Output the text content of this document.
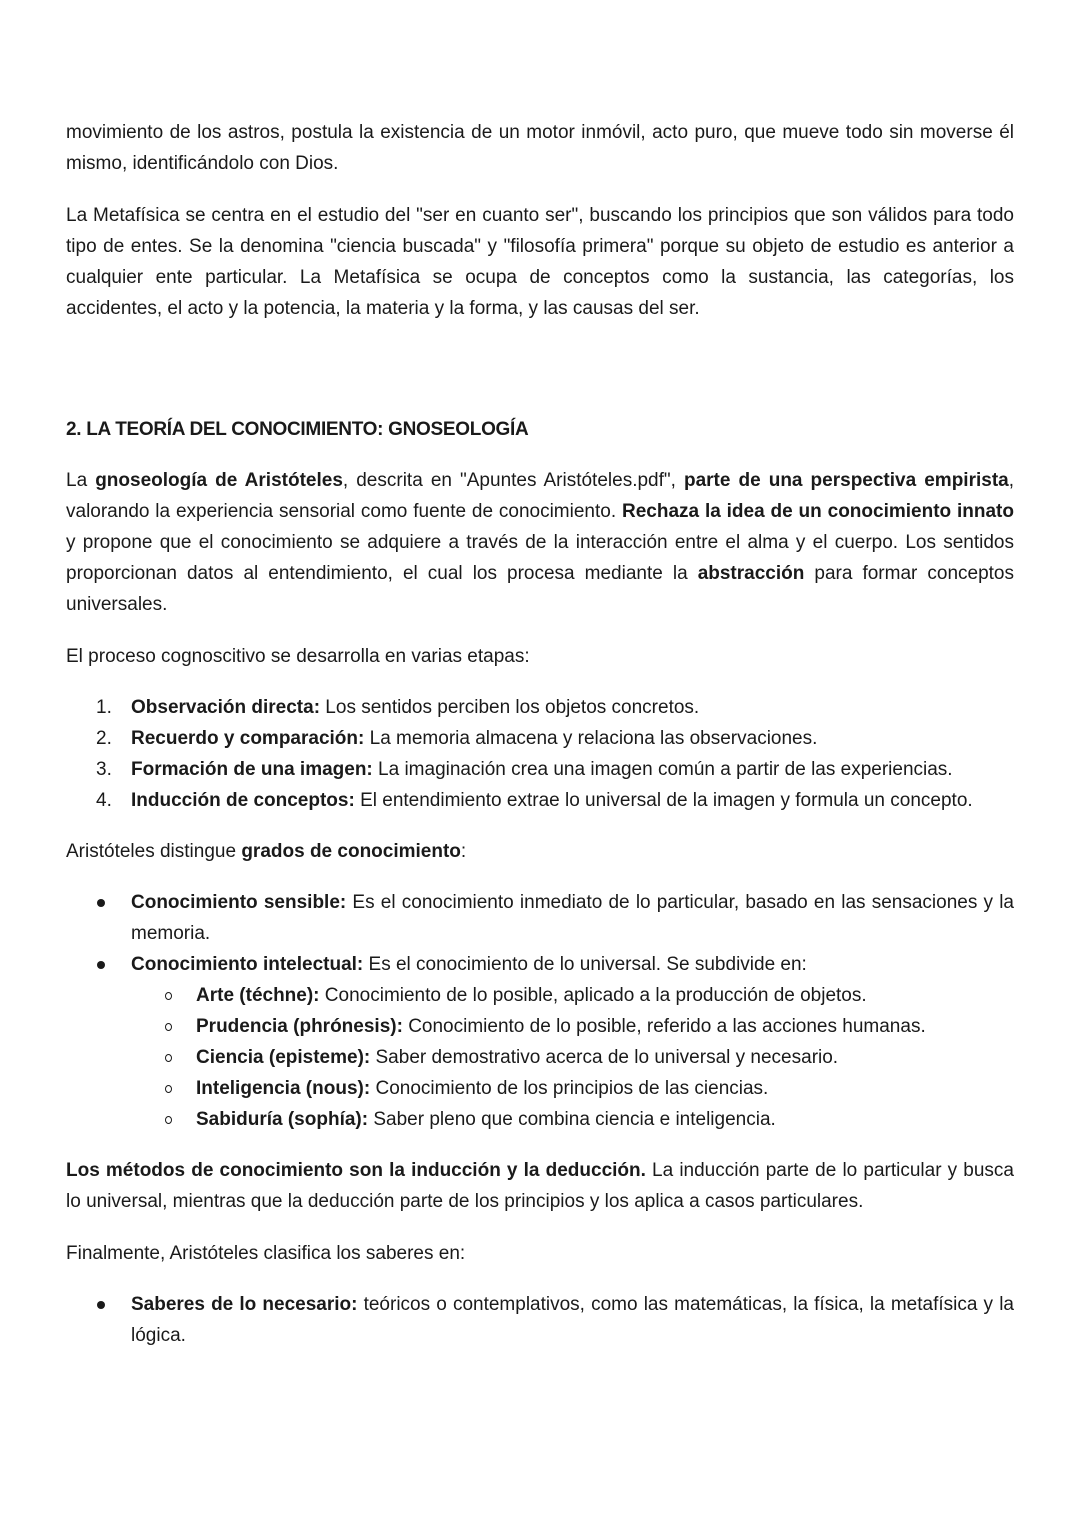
movimiento de los astros, postula la existencia de un motor inmóvil, acto puro, que mueve todo sin moverse él mismo, identificándolo con Dios.

La Metafísica se centra en el estudio del "ser en cuanto ser", buscando los principios que son válidos para todo tipo de entes. Se la denomina "ciencia buscada" y "filosofía primera" porque su objeto de estudio es anterior a cualquier ente particular. La Metafísica se ocupa de conceptos como la sustancia, las categorías, los accidentes, el acto y la potencia, la materia y la forma, y las causas del ser.

2. LA TEORÍA DEL CONOCIMIENTO: GNOSEOLOGÍA

La gnoseología de Aristóteles, descrita en "Apuntes Aristóteles.pdf", parte de una perspectiva empirista, valorando la experiencia sensorial como fuente de conocimiento. Rechaza la idea de un conocimiento innato y propone que el conocimiento se adquiere a través de la interacción entre el alma y el cuerpo. Los sentidos proporcionan datos al entendimiento, el cual los procesa mediante la abstracción para formar conceptos universales.

El proceso cognoscitivo se desarrolla en varias etapas:

1.	Observación directa: Los sentidos perciben los objetos concretos.
2.	Recuerdo y comparación: La memoria almacena y relaciona las observaciones.
3.	Formación de una imagen: La imaginación crea una imagen común a partir de las experiencias.
4.	Inducción de conceptos: El entendimiento extrae lo universal de la imagen y formula un concepto.

Aristóteles distingue grados de conocimiento:

Conocimiento sensible: Es el conocimiento inmediato de lo particular, basado en las sensaciones y la memoria.
Conocimiento intelectual: Es el conocimiento de lo universal. Se subdivide en:
Arte (téchne): Conocimiento de lo posible, aplicado a la producción de objetos.
Prudencia (phrónesis): Conocimiento de lo posible, referido a las acciones humanas.
Ciencia (episteme): Saber demostrativo acerca de lo universal y necesario.
Inteligencia (nous): Conocimiento de los principios de las ciencias.
Sabiduría (sophía): Saber pleno que combina ciencia e inteligencia.

Los métodos de conocimiento son la inducción y la deducción. La inducción parte de lo particular y busca lo universal, mientras que la deducción parte de los principios y los aplica a casos particulares.

Finalmente, Aristóteles clasifica los saberes en:

Saberes de lo necesario: teóricos o contemplativos, como las matemáticas, la física, la metafísica y la lógica.
